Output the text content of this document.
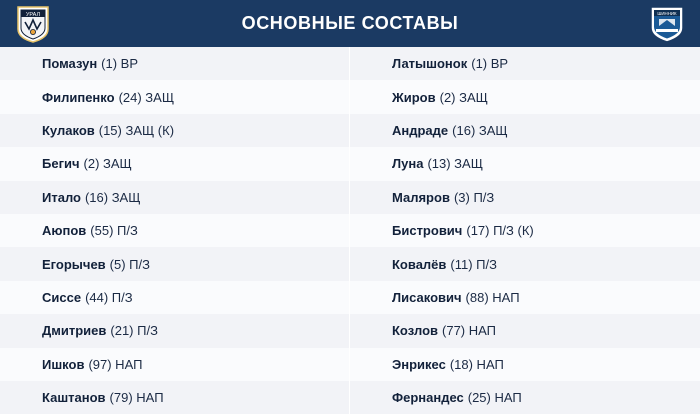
УРАЛ	ОСНОВНЫЕ СОСТАВЫ	ШИННИК
Помазун (1) ВР
Филипенко (24) ЗАЩ
Кулаков (15) ЗАЩ (К)
Бегич (2) ЗАЩ
Итало (16) ЗАЩ
Аюпов (55) П/З
Егорычев (5) П/З
Сиссе (44) П/З
Дмитриев (21) П/З
Ишков (97) НАП
Каштанов (79) НАП
Латышонок (1) ВР
Жиров (2) ЗАЩ
Андраде (16) ЗАЩ
Луна (13) ЗАЩ
Маляров (3) П/З
Бистрович (17) П/З (К)
Ковалёв (11) П/З
Лисакович (88) НАП
Козлов (77) НАП
Энрикес (18) НАП
Фернандес (25) НАП
